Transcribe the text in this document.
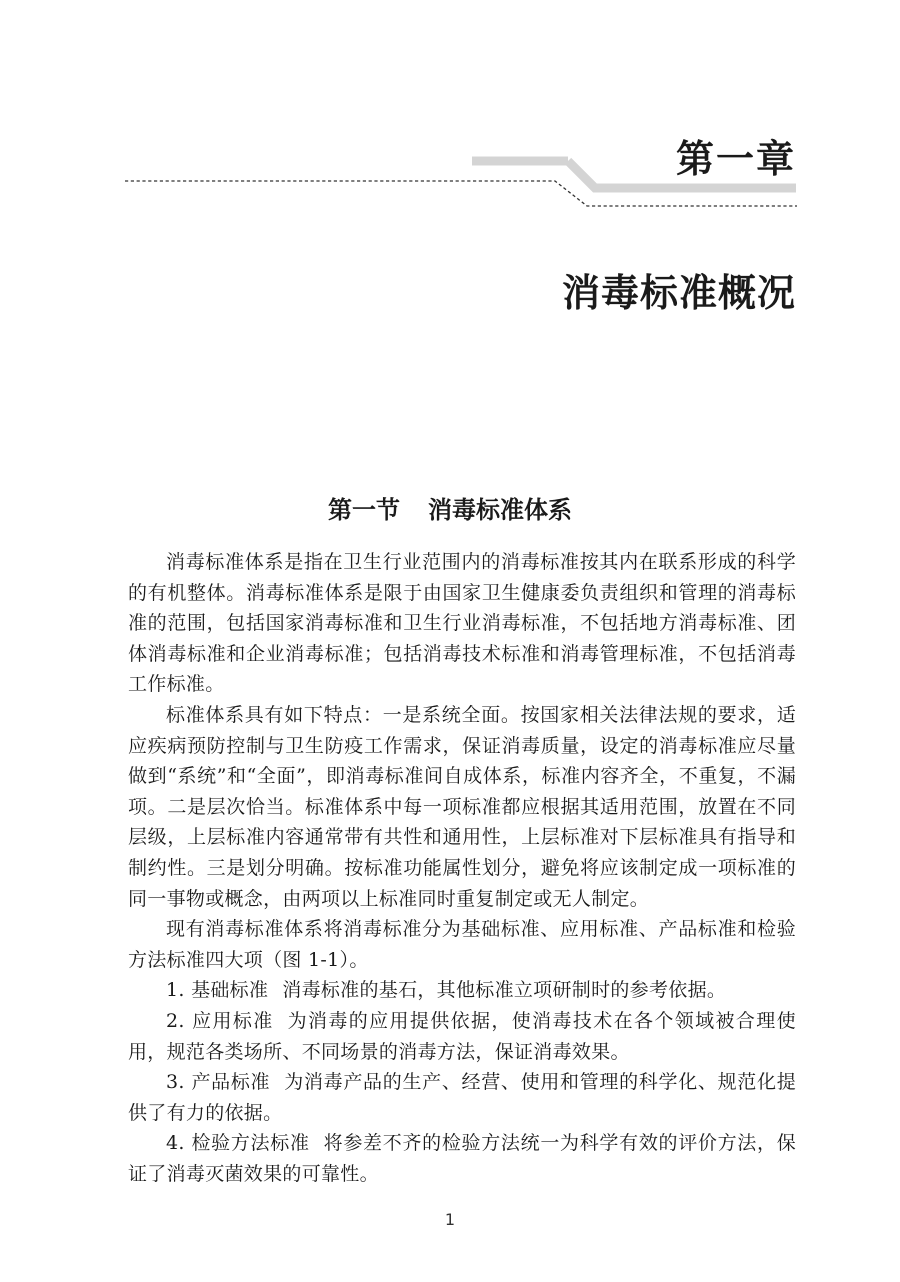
第一章
消毒标准概况
第一节 消毒标准体系

消毒标准体系是指在卫生行业范围内的消毒标准按其内在联系形成的科学的有机整体。消毒标准体系是限于由国家卫生健康委负责组织和管理的消毒标准的范围，包括国家消毒标准和卫生行业消毒标准，不包括地方消毒标准、团体消毒标准和企业消毒标准；包括消毒技术标准和消毒管理标准，不包括消毒工作标准。

标准体系具有如下特点：一是系统全面。按国家相关法律法规的要求，适应疾病预防控制与卫生防疫工作需求，保证消毒质量，设定的消毒标准应尽量做到“系统”和“全面”，即消毒标准间自成体系，标准内容齐全，不重复，不漏项。二是层次恰当。标准体系中每一项标准都应根据其适用范围，放置在不同层级，上层标准内容通常带有共性和通用性，上层标准对下层标准具有指导和制约性。三是划分明确。按标准功能属性划分，避免将应该制定成一项标准的同一事物或概念，由两项以上标准同时重复制定或无人制定。

现有消毒标准体系将消毒标准分为基础标准、应用标准、产品标准和检验方法标准四大项（图 1-1）。

1. 基础标准 消毒标准的基石，其他标准立项研制时的参考依据。

2. 应用标准 为消毒的应用提供依据，使消毒技术在各个领域被合理使用，规范各类场所、不同场景的消毒方法，保证消毒效果。

3. 产品标准 为消毒产品的生产、经营、使用和管理的科学化、规范化提供了有力的依据。

4. 检验方法标准 将参差不齐的检验方法统一为科学有效的评价方法，保证了消毒灭菌效果的可靠性。

1
